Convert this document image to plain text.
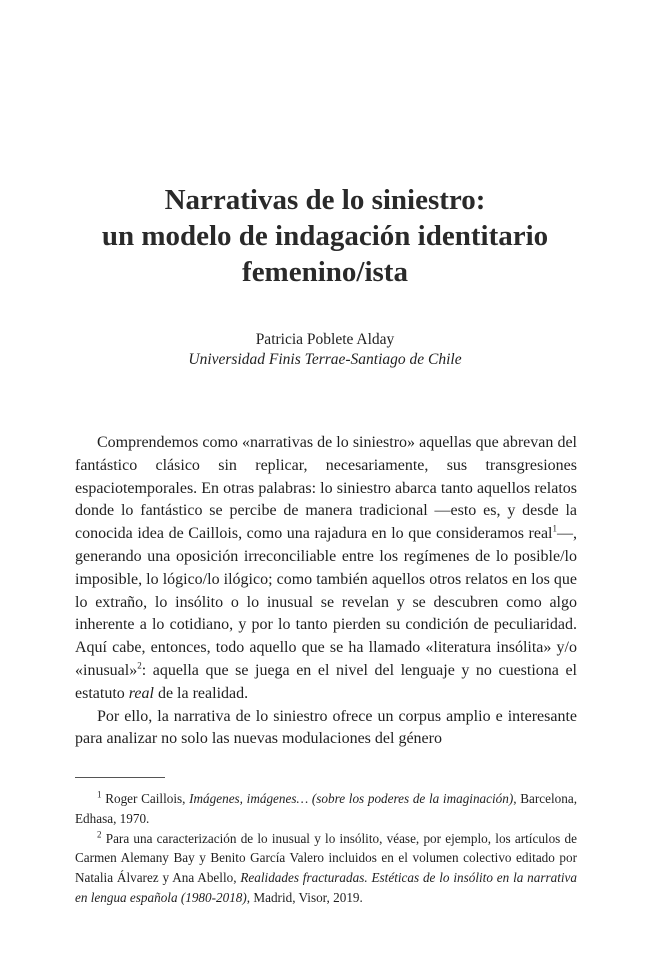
Narrativas de lo siniestro:
un modelo de indagación identitario
femenino/ista
Patricia Poblete Alday
Universidad Finis Terrae-Santiago de Chile

Comprendemos como «narrativas de lo siniestro» aquellas que abrevan del fantástico clásico sin replicar, necesariamente, sus transgresiones espaciotemporales. En otras palabras: lo siniestro abarca tanto aquellos relatos donde lo fantástico se percibe de manera tradicional —esto es, y desde la conocida idea de Caillois, como una rajadura en lo que consideramos real$^1$—, generando una oposición irreconciliable entre los regímenes de lo posible/lo imposible, lo lógico/lo ilógico; como también aquellos otros relatos en los que lo extraño, lo insólito o lo inusual se revelan y se descubren como algo inherente a lo cotidiano, y por lo tanto pierden su condición de peculiaridad. Aquí cabe, entonces, todo aquello que se ha llamado «literatura insólita» y/o «inusual»$^2$: aquella que se juega en el nivel del lenguaje y no cuestiona el estatuto real de la realidad.

Por ello, la narrativa de lo siniestro ofrece un corpus amplio e interesante para analizar no solo las nuevas modulaciones del género

$^1$ Roger Caillois, Imágenes, imágenes… (sobre los poderes de la imaginación), Barcelona, Edhasa, 1970.

$^2$ Para una caracterización de lo inusual y lo insólito, véase, por ejemplo, los artículos de Carmen Alemany Bay y Benito García Valero incluidos en el volumen colectivo editado por Natalia Álvarez y Ana Abello, Realidades fracturadas. Estéticas de lo insólito en la narrativa en lengua española (1980-2018), Madrid, Visor, 2019.
